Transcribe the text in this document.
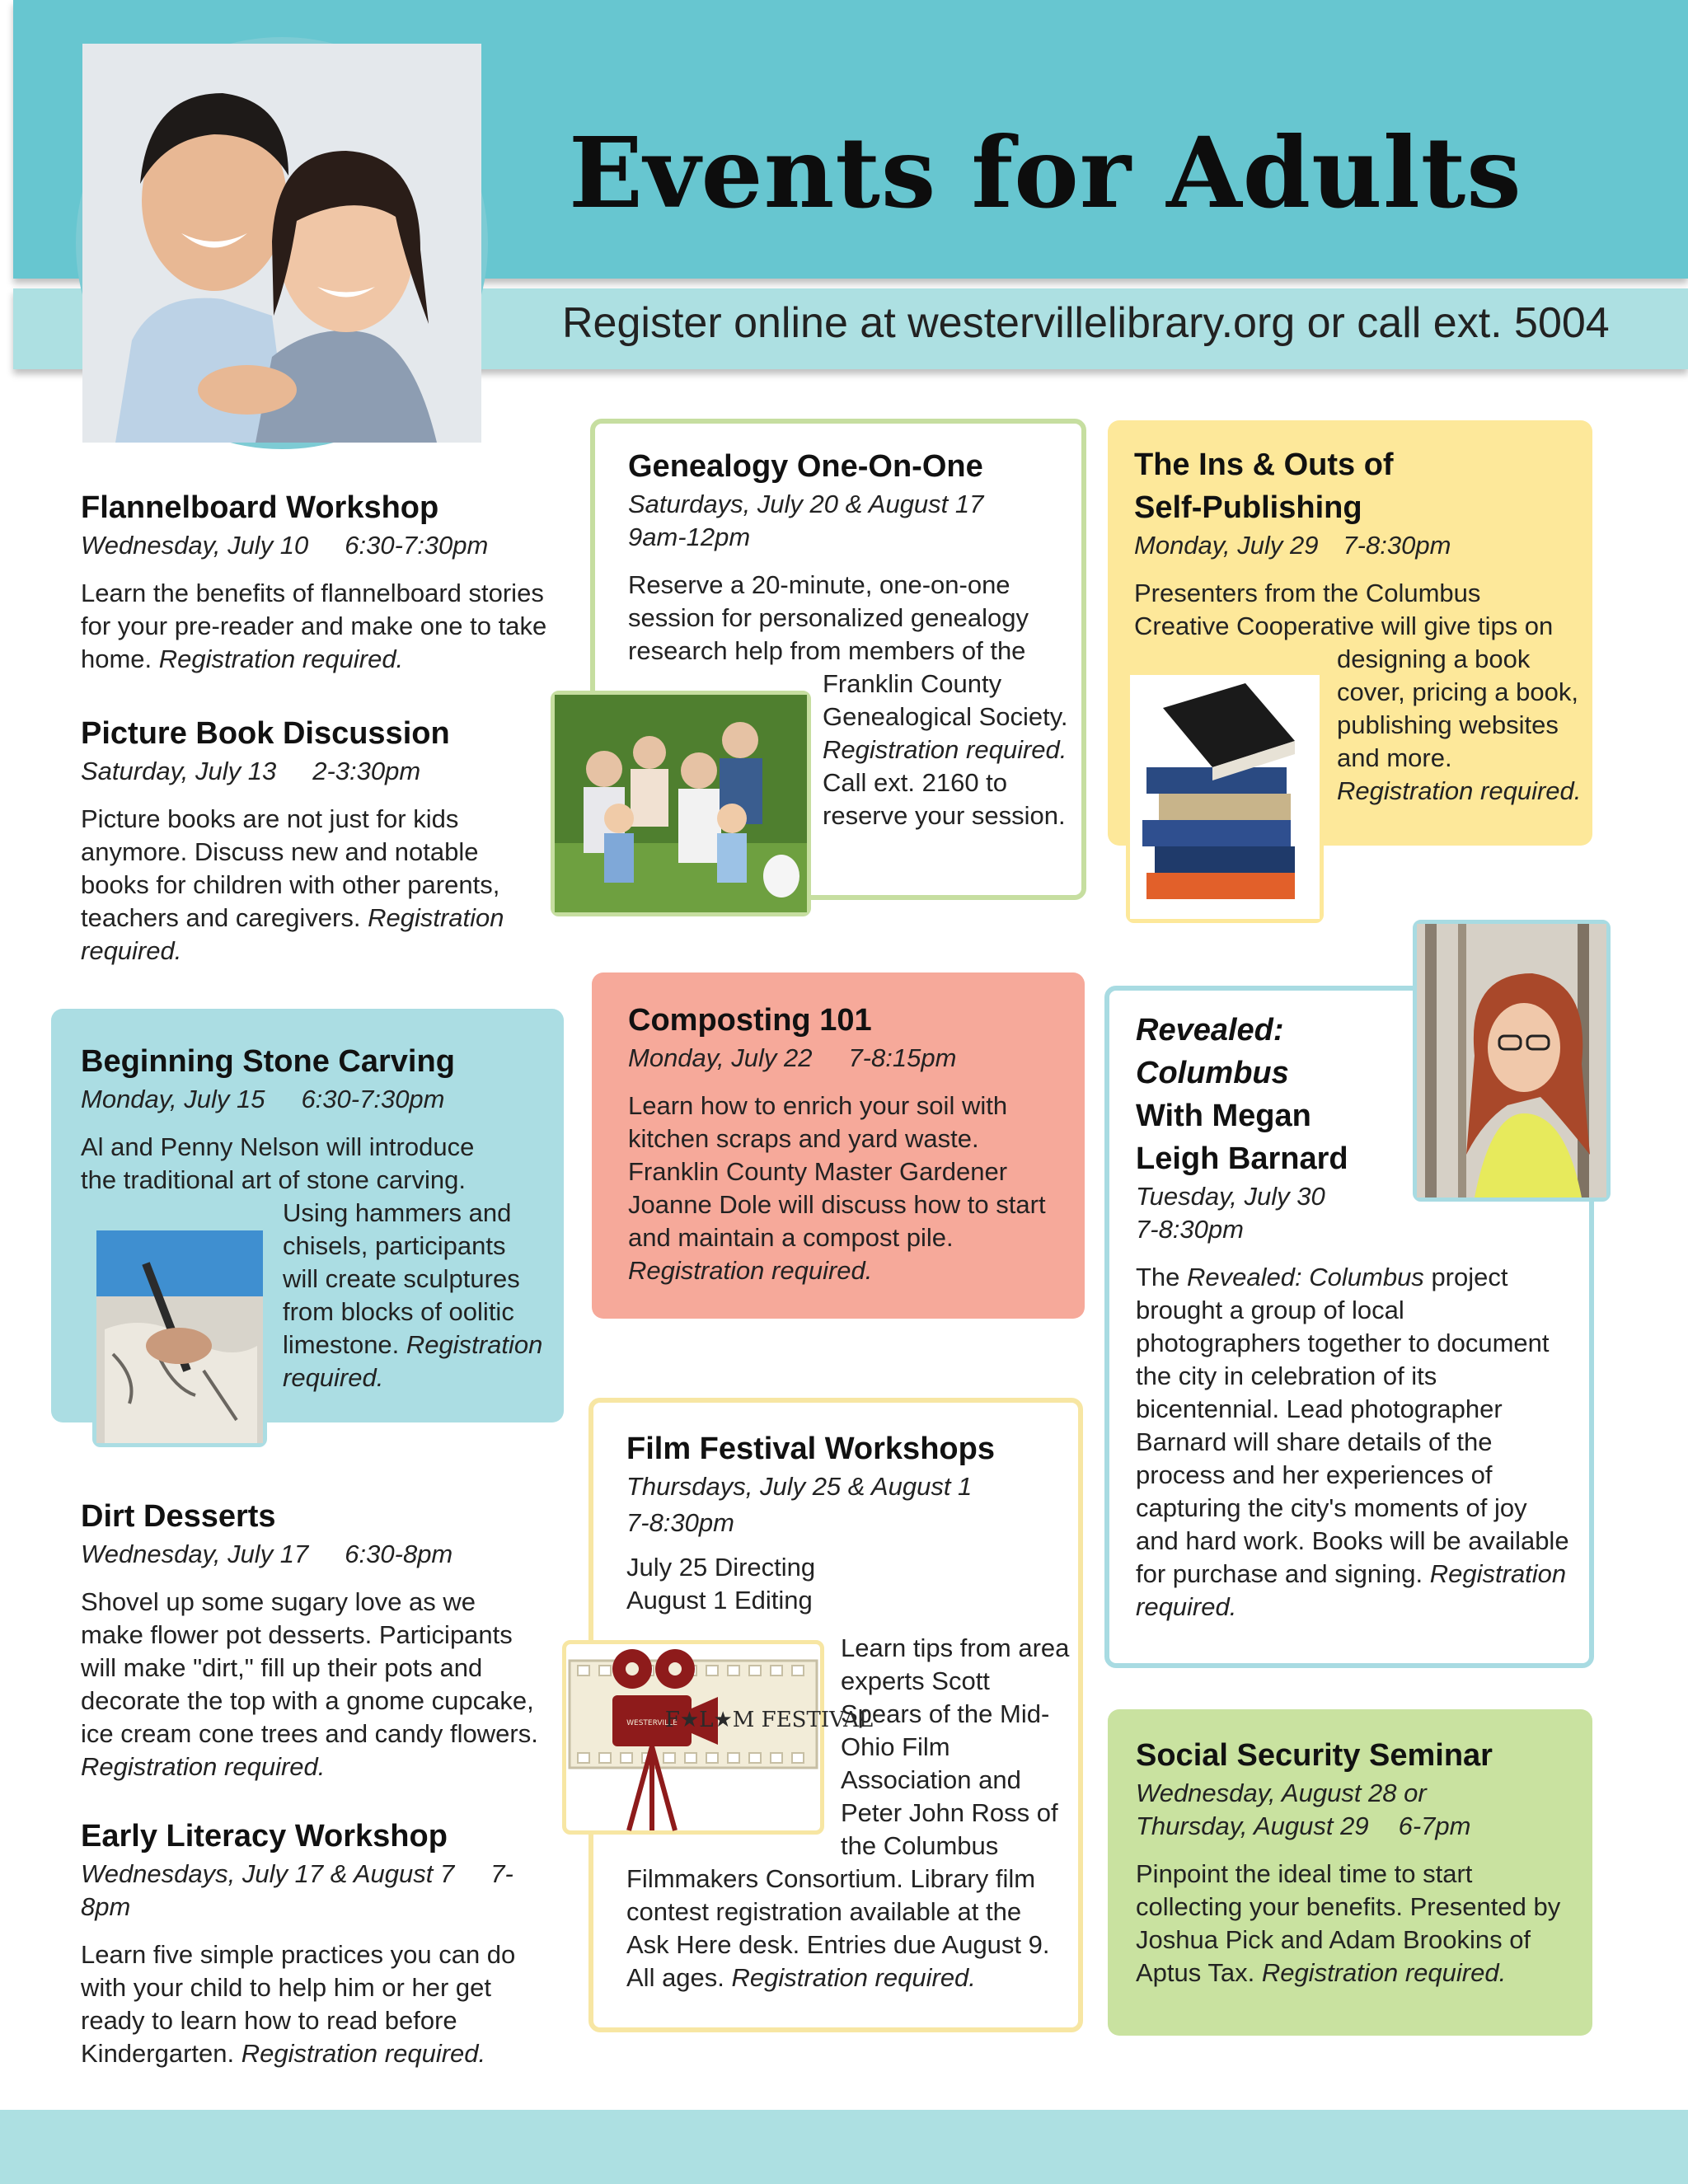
Events for Adults
Register online at westervillelibrary.org or call ext. 5004
Flannelboard Workshop
Wednesday, July 10 6:30-7:30pm
Learn the benefits of flannelboard stories for your pre-reader and make one to take home. Registration required.
Picture Book Discussion
Saturday, July 13 2-3:30pm
Picture books are not just for kids anymore. Discuss new and notable books for children with other parents, teachers and caregivers. Registration required.
Beginning Stone Carving
Monday, July 15 6:30-7:30pm
Al and Penny Nelson will introduce the traditional art of stone carving.
Using hammers and chisels, participants will create sculptures from blocks of oolitic limestone. Registration required.
Dirt Desserts
Wednesday, July 17 6:30-8pm
Shovel up some sugary love as we make flower pot desserts. Participants will make "dirt," fill up their pots and decorate the top with a gnome cupcake, ice cream cone trees and candy flowers. Registration required.
Early Literacy Workshop
Wednesdays, July 17 & August 7 7-8pm
Learn five simple practices you can do with your child to help him or her get ready to learn how to read before Kindergarten. Registration required.
Genealogy One-On-One
Saturdays, July 20 & August 17
9am-12pm
Reserve a 20-minute, one-on-one session for personalized genealogy research help from members of the
Franklin County Genealogical Society. Registration required. Call ext. 2160 to reserve your session.
Composting 101
Monday, July 22 7-8:15pm
Learn how to enrich your soil with kitchen scraps and yard waste. Franklin County Master Gardener Joanne Dole will discuss how to start and maintain a compost pile. Registration required.
Film Festival Workshops
Thursdays, July 25 & August 1
7-8:30pm
July 25 Directing
August 1 Editing
Learn tips from area experts Scott Spears of the Mid-Ohio Film Association and Peter John Ross of the Columbus
Filmmakers Consortium. Library film contest registration available at the Ask Here desk. Entries due August 9. All ages. Registration required.
WESTERVILLE
F★L★M FESTIVAL
The Ins & Outs of
Self-Publishing
Monday, July 29 7-8:30pm
Presenters from the Columbus Creative Cooperative will give tips on
designing a book cover, pricing a book, publishing websites and more. Registration required.
Revealed:
Columbus
With Megan
Leigh Barnard
Tuesday, July 30
7-8:30pm
The Revealed: Columbus project brought a group of local photographers together to document the city in celebration of its bicentennial. Lead photographer Barnard will share details of the process and her experiences of capturing the city's moments of joy and hard work. Books will be available for purchase and signing. Registration required.
Social Security Seminar
Wednesday, August 28 or
Thursday, August 29 6-7pm
Pinpoint the ideal time to start collecting your benefits. Presented by Joshua Pick and Adam Brookins of Aptus Tax. Registration required.
